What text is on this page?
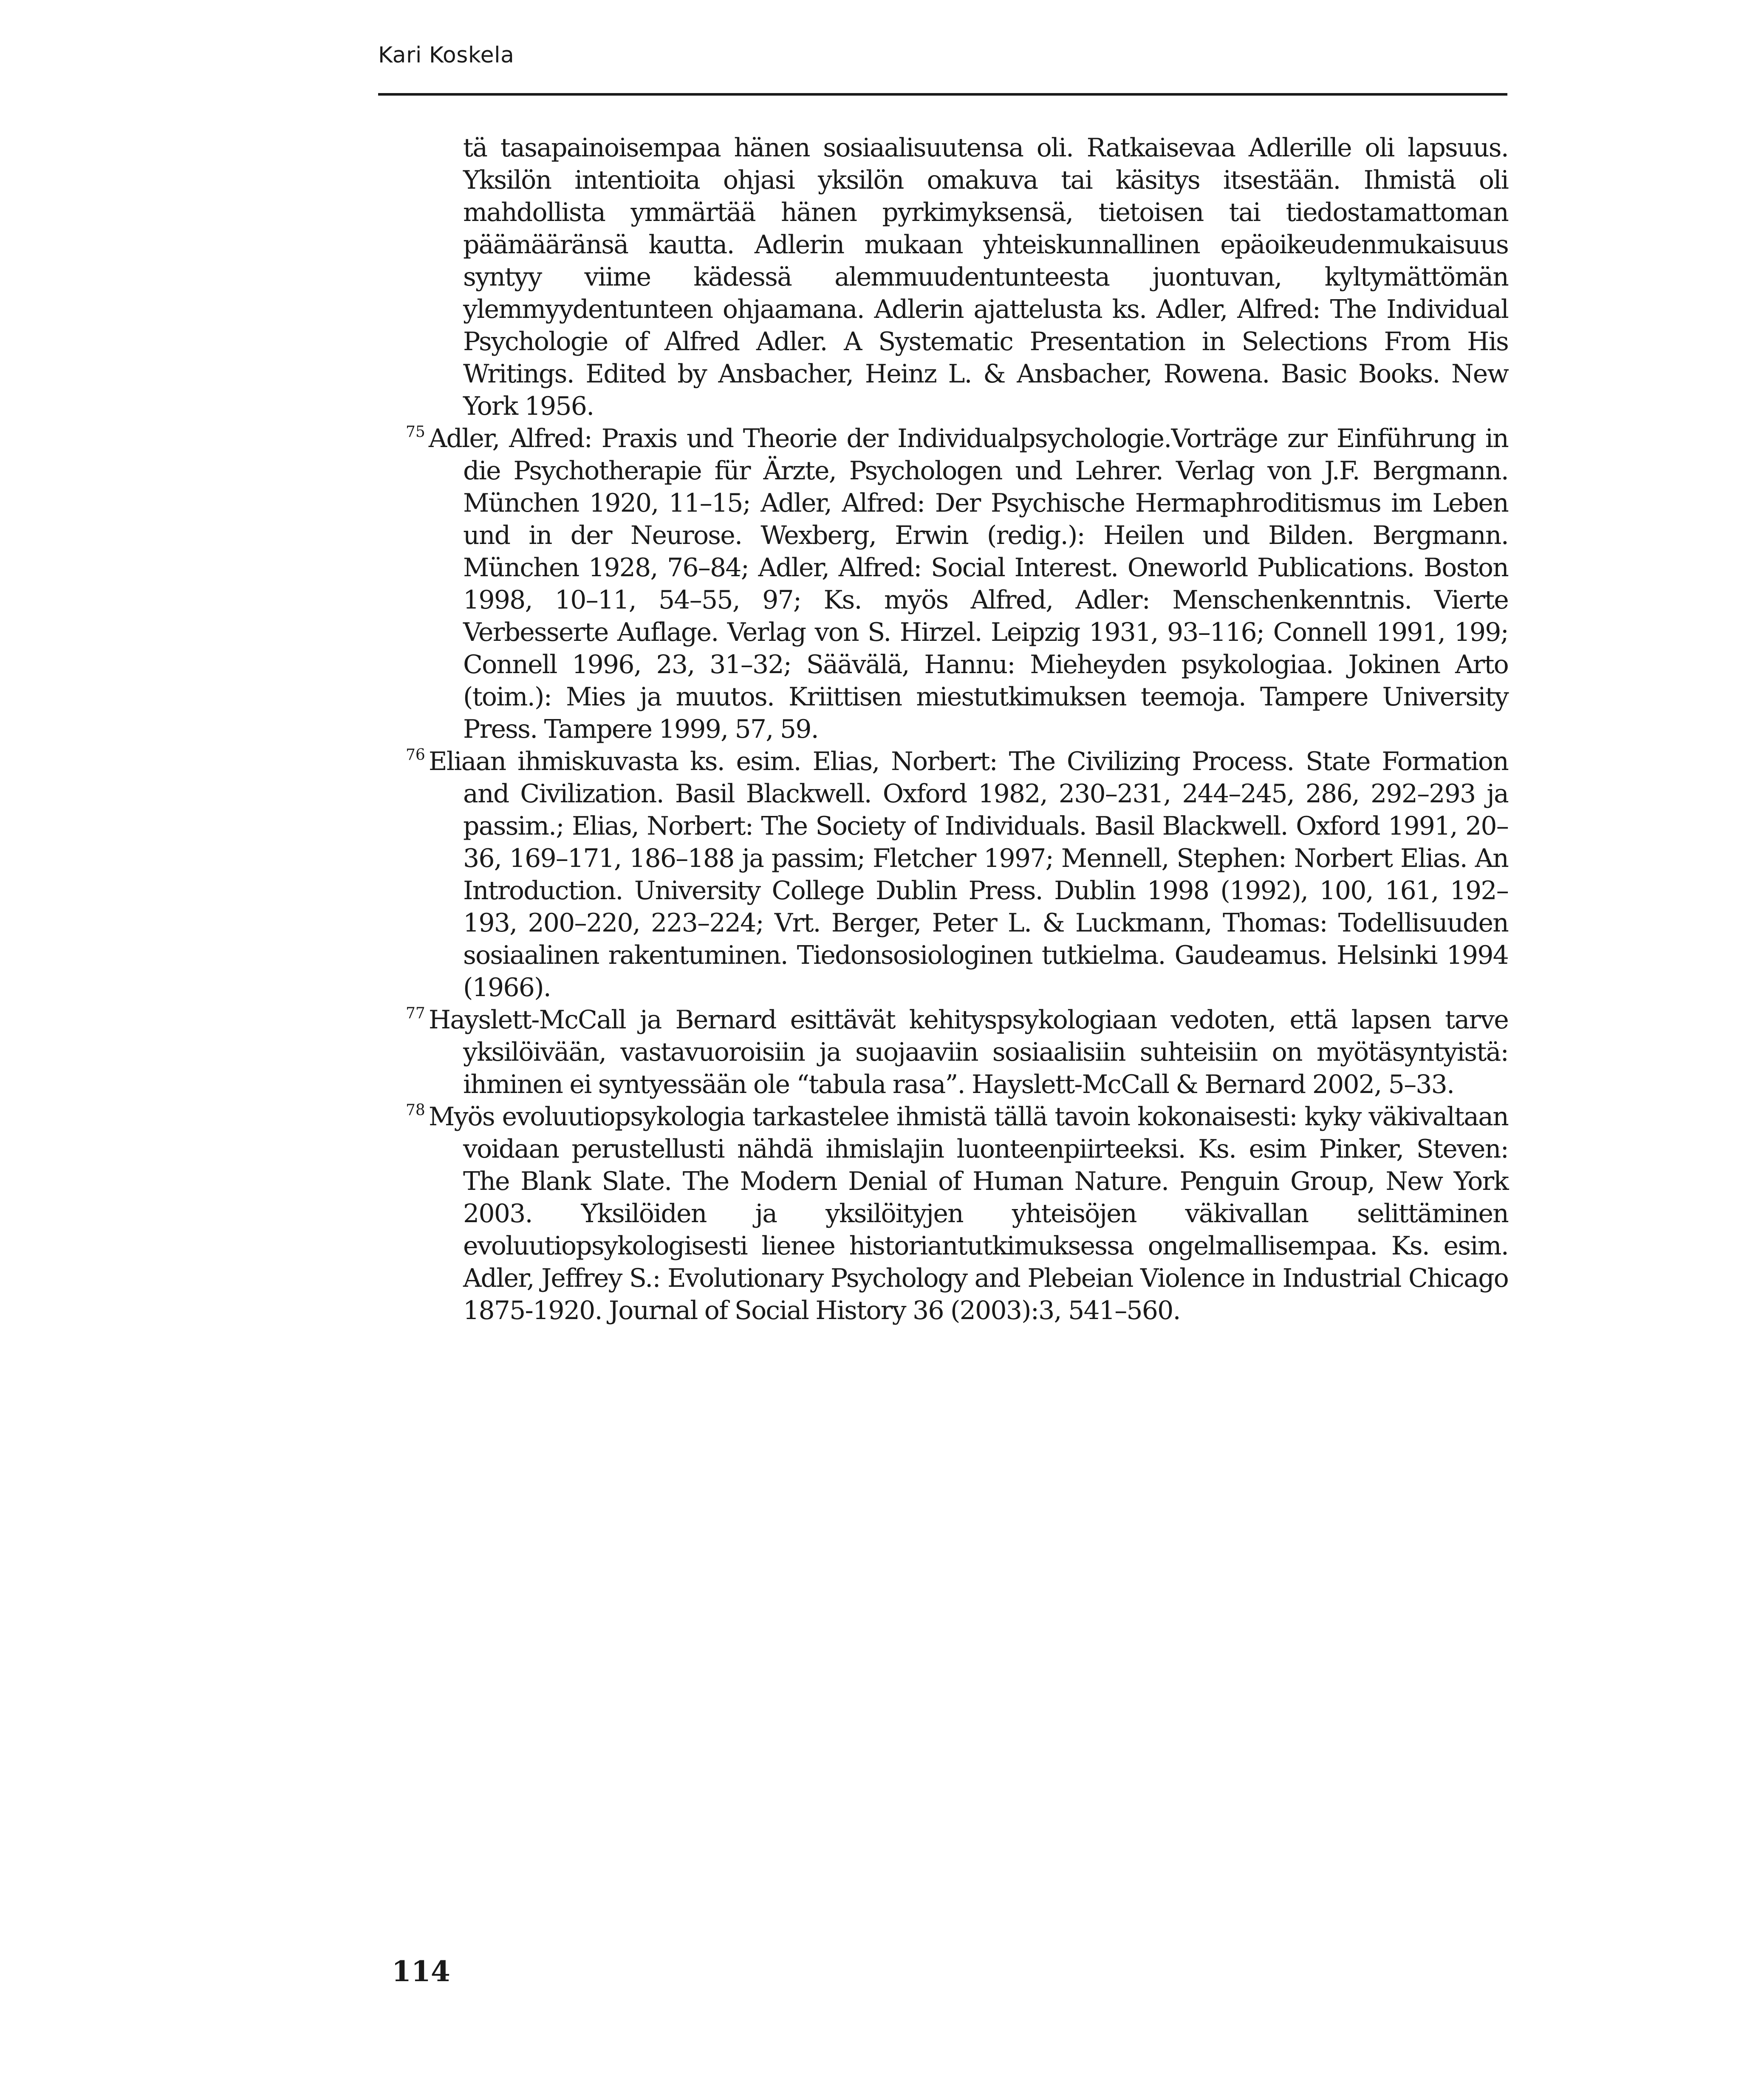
Kari Koskela

tä tasapainoisempaa hänen sosiaalisuutensa oli. Ratkaisevaa Adlerille oli lapsuus. Yksilön intentioita ohjasi yksilön omakuva tai käsitys itsestään. Ihmistä oli mahdollista ymmärtää hänen pyrkimyksensä, tietoisen tai tiedostamattoman päämääränsä kautta. Adlerin mukaan yhteiskunnallinen epäoikeudenmukaisuus syntyy viime kädessä alemmuudentunteesta juontuvan, kyltymättömän ylemmyydentunteen ohjaamana. Adlerin ajattelusta ks. Adler, Alfred: The Individual Psychologie of Alfred Adler. A Systematic Presentation in Selections From His Writings. Edited by Ansbacher, Heinz L. & Ansbacher, Rowena. Basic Books. New York 1956.

$^{75}$ Adler, Alfred: Praxis und Theorie der Individualpsychologie.Vorträge zur Einführung in die Psychotherapie für Ärzte, Psychologen und Lehrer. Verlag von J.F. Bergmann. München 1920, 11–15; Adler, Alfred: Der Psychische Hermaphroditismus im Leben und in der Neurose. Wexberg, Erwin (redig.): Heilen und Bilden. Bergmann. München 1928, 76–84; Adler, Alfred: Social Interest. Oneworld Publications. Boston 1998, 10–11, 54–55, 97; Ks. myös Alfred, Adler: Menschenkenntnis. Vierte Verbesserte Auflage. Verlag von S. Hirzel. Leipzig 1931, 93–116; Connell 1991, 199; Connell 1996, 23, 31–32; Säävälä, Hannu: Mieheyden psykologiaa. Jokinen Arto (toim.): Mies ja muutos. Kriittisen miestutkimuksen teemoja. Tampere University Press. Tampere 1999, 57, 59.

$^{76}$ Eliaan ihmiskuvasta ks. esim. Elias, Norbert: The Civilizing Process. State Formation and Civilization. Basil Blackwell. Oxford 1982, 230–231, 244–245, 286, 292–293 ja passim.; Elias, Norbert: The Society of Individuals. Basil Blackwell. Oxford 1991, 20–36, 169–171, 186–188 ja passim; Fletcher 1997; Mennell, Stephen: Norbert Elias. An Introduction. University College Dublin Press. Dublin 1998 (1992), 100, 161, 192–193, 200–220, 223–224; Vrt. Berger, Peter L. & Luckmann, Thomas: Todellisuuden sosiaalinen rakentuminen. Tiedonsosiologinen tutkielma. Gaudeamus. Helsinki 1994 (1966).

$^{77}$ Hayslett-McCall ja Bernard esittävät kehityspsykologiaan vedoten, että lapsen tarve yksilöivään, vastavuoroisiin ja suojaaviin sosiaalisiin suhteisiin on myötäsyntyistä: ihminen ei syntyessään ole “tabula rasa”. Hayslett-McCall & Bernard 2002, 5–33.

$^{78}$ Myös evoluutiopsykologia tarkastelee ihmistä tällä tavoin kokonaisesti: kyky väkivaltaan voidaan perustellusti nähdä ihmislajin luonteenpiirteeksi. Ks. esim Pinker, Steven: The Blank Slate. The Modern Denial of Human Nature. Penguin Group, New York 2003. Yksilöiden ja yksilöityjen yhteisöjen väkivallan selittäminen evoluutiopsykologisesti lienee historiantutkimuksessa ongelmallisempaa. Ks. esim. Adler, Jeffrey S.: Evolutionary Psychology and Plebeian Violence in Industrial Chicago 1875-1920. Journal of Social History 36 (2003):3, 541–560.

114
